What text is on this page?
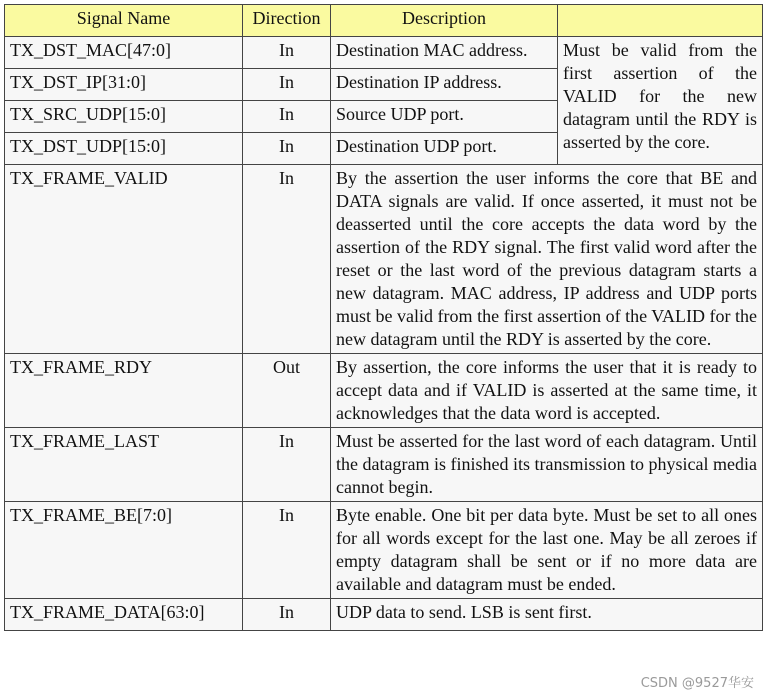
Signal Name	Direction	Description	
TX_DST_MAC[47:0]	In	Destination MAC address.	Must be valid from the first assertion of the VALID for the new datagram until the RDY is asserted by the core.
TX_DST_IP[31:0]	In	Destination IP address.	
TX_SRC_UDP[15:0]	In	Source UDP port.	
TX_DST_UDP[15:0]	In	Destination UDP port.	
TX_FRAME_VALID	In	By the assertion the user informs the core that BE and DATA signals are valid. If once asserted, it must not be deasserted until the core accepts the data word by the assertion of the RDY signal. The first valid word after the reset or the last word of the previous datagram starts a new datagram. MAC address, IP address and UDP ports must be valid from the first assertion of the VALID for the new datagram until the RDY is asserted by the core.	
TX_FRAME_RDY	Out	By assertion, the core informs the user that it is ready to accept data and if VALID is asserted at the same time, it acknowledges that the data word is accepted.	
TX_FRAME_LAST	In	Must be asserted for the last word of each datagram. Until the datagram is finished its transmission to physical media cannot begin.	
TX_FRAME_BE[7:0]	In	Byte enable. One bit per data byte. Must be set to all ones for all words except for the last one. May be all zeroes if empty datagram shall be sent or if no more data are available and datagram must be ended.	
TX_FRAME_DATA[63:0]	In	UDP data to send. LSB is sent first.	
CSDN @9527华安
